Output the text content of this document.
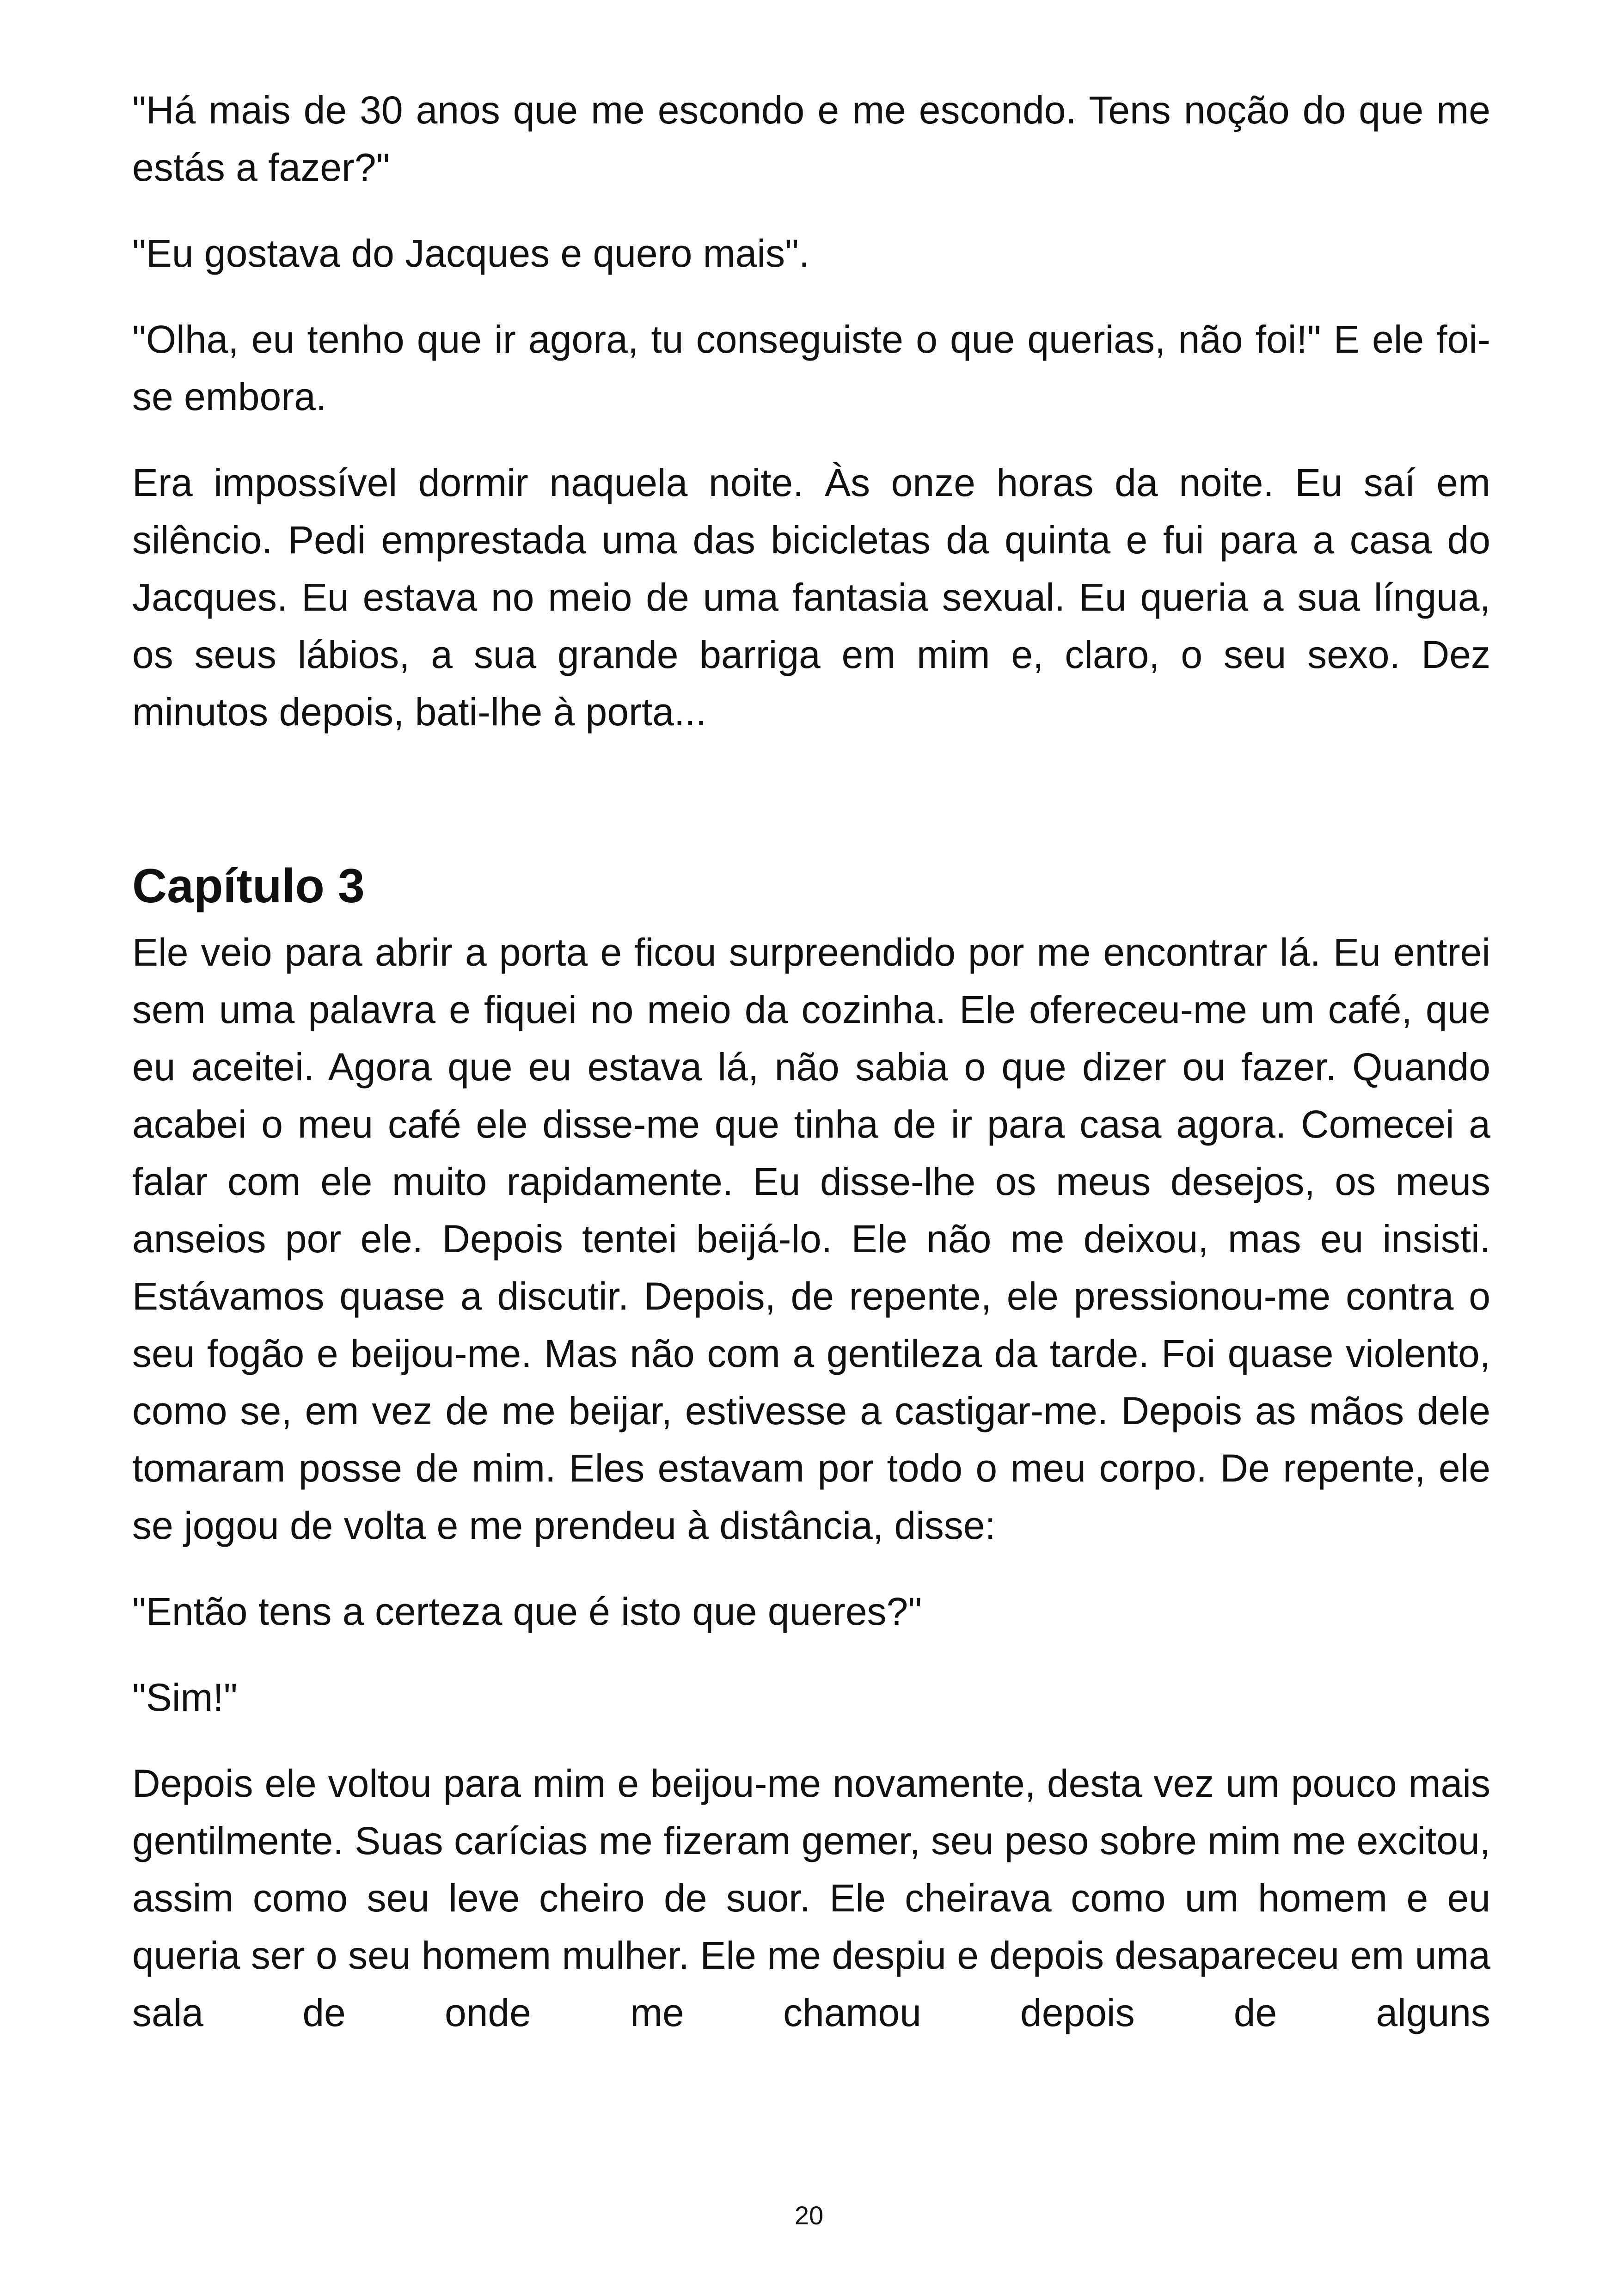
"Há mais de 30 anos que me escondo e me escondo. Tens noção do que me estás a fazer?"

"Eu gostava do Jacques e quero mais".

"Olha, eu tenho que ir agora, tu conseguiste o que querias, não foi!" E ele foi-se embora.

Era impossível dormir naquela noite. Às onze horas da noite. Eu saí em silêncio. Pedi emprestada uma das bicicletas da quinta e fui para a casa do Jacques. Eu estava no meio de uma fantasia sexual. Eu queria a sua língua, os seus lábios, a sua grande barriga em mim e, claro, o seu sexo. Dez minutos depois, bati-lhe à porta...

Capítulo 3

Ele veio para abrir a porta e ficou surpreendido por me encontrar lá. Eu entrei sem uma palavra e fiquei no meio da cozinha. Ele ofereceu-me um café, que eu aceitei. Agora que eu estava lá, não sabia o que dizer ou fazer. Quando acabei o meu café ele disse-me que tinha de ir para casa agora. Comecei a falar com ele muito rapidamente. Eu disse-lhe os meus desejos, os meus anseios por ele. Depois tentei beijá-lo. Ele não me deixou, mas eu insisti. Estávamos quase a discutir. Depois, de repente, ele pressionou-me contra o seu fogão e beijou-me. Mas não com a gentileza da tarde. Foi quase violento, como se, em vez de me beijar, estivesse a castigar-me. Depois as mãos dele tomaram posse de mim. Eles estavam por todo o meu corpo. De repente, ele se jogou de volta e me prendeu à distância, disse:

"Então tens a certeza que é isto que queres?"

"Sim!"

Depois ele voltou para mim e beijou-me novamente, desta vez um pouco mais gentilmente. Suas carícias me fizeram gemer, seu peso sobre mim me excitou, assim como seu leve cheiro de suor. Ele cheirava como um homem e eu queria ser o seu homem mulher. Ele me despiu e depois desapareceu em uma sala de onde me chamou depois de alguns

20
